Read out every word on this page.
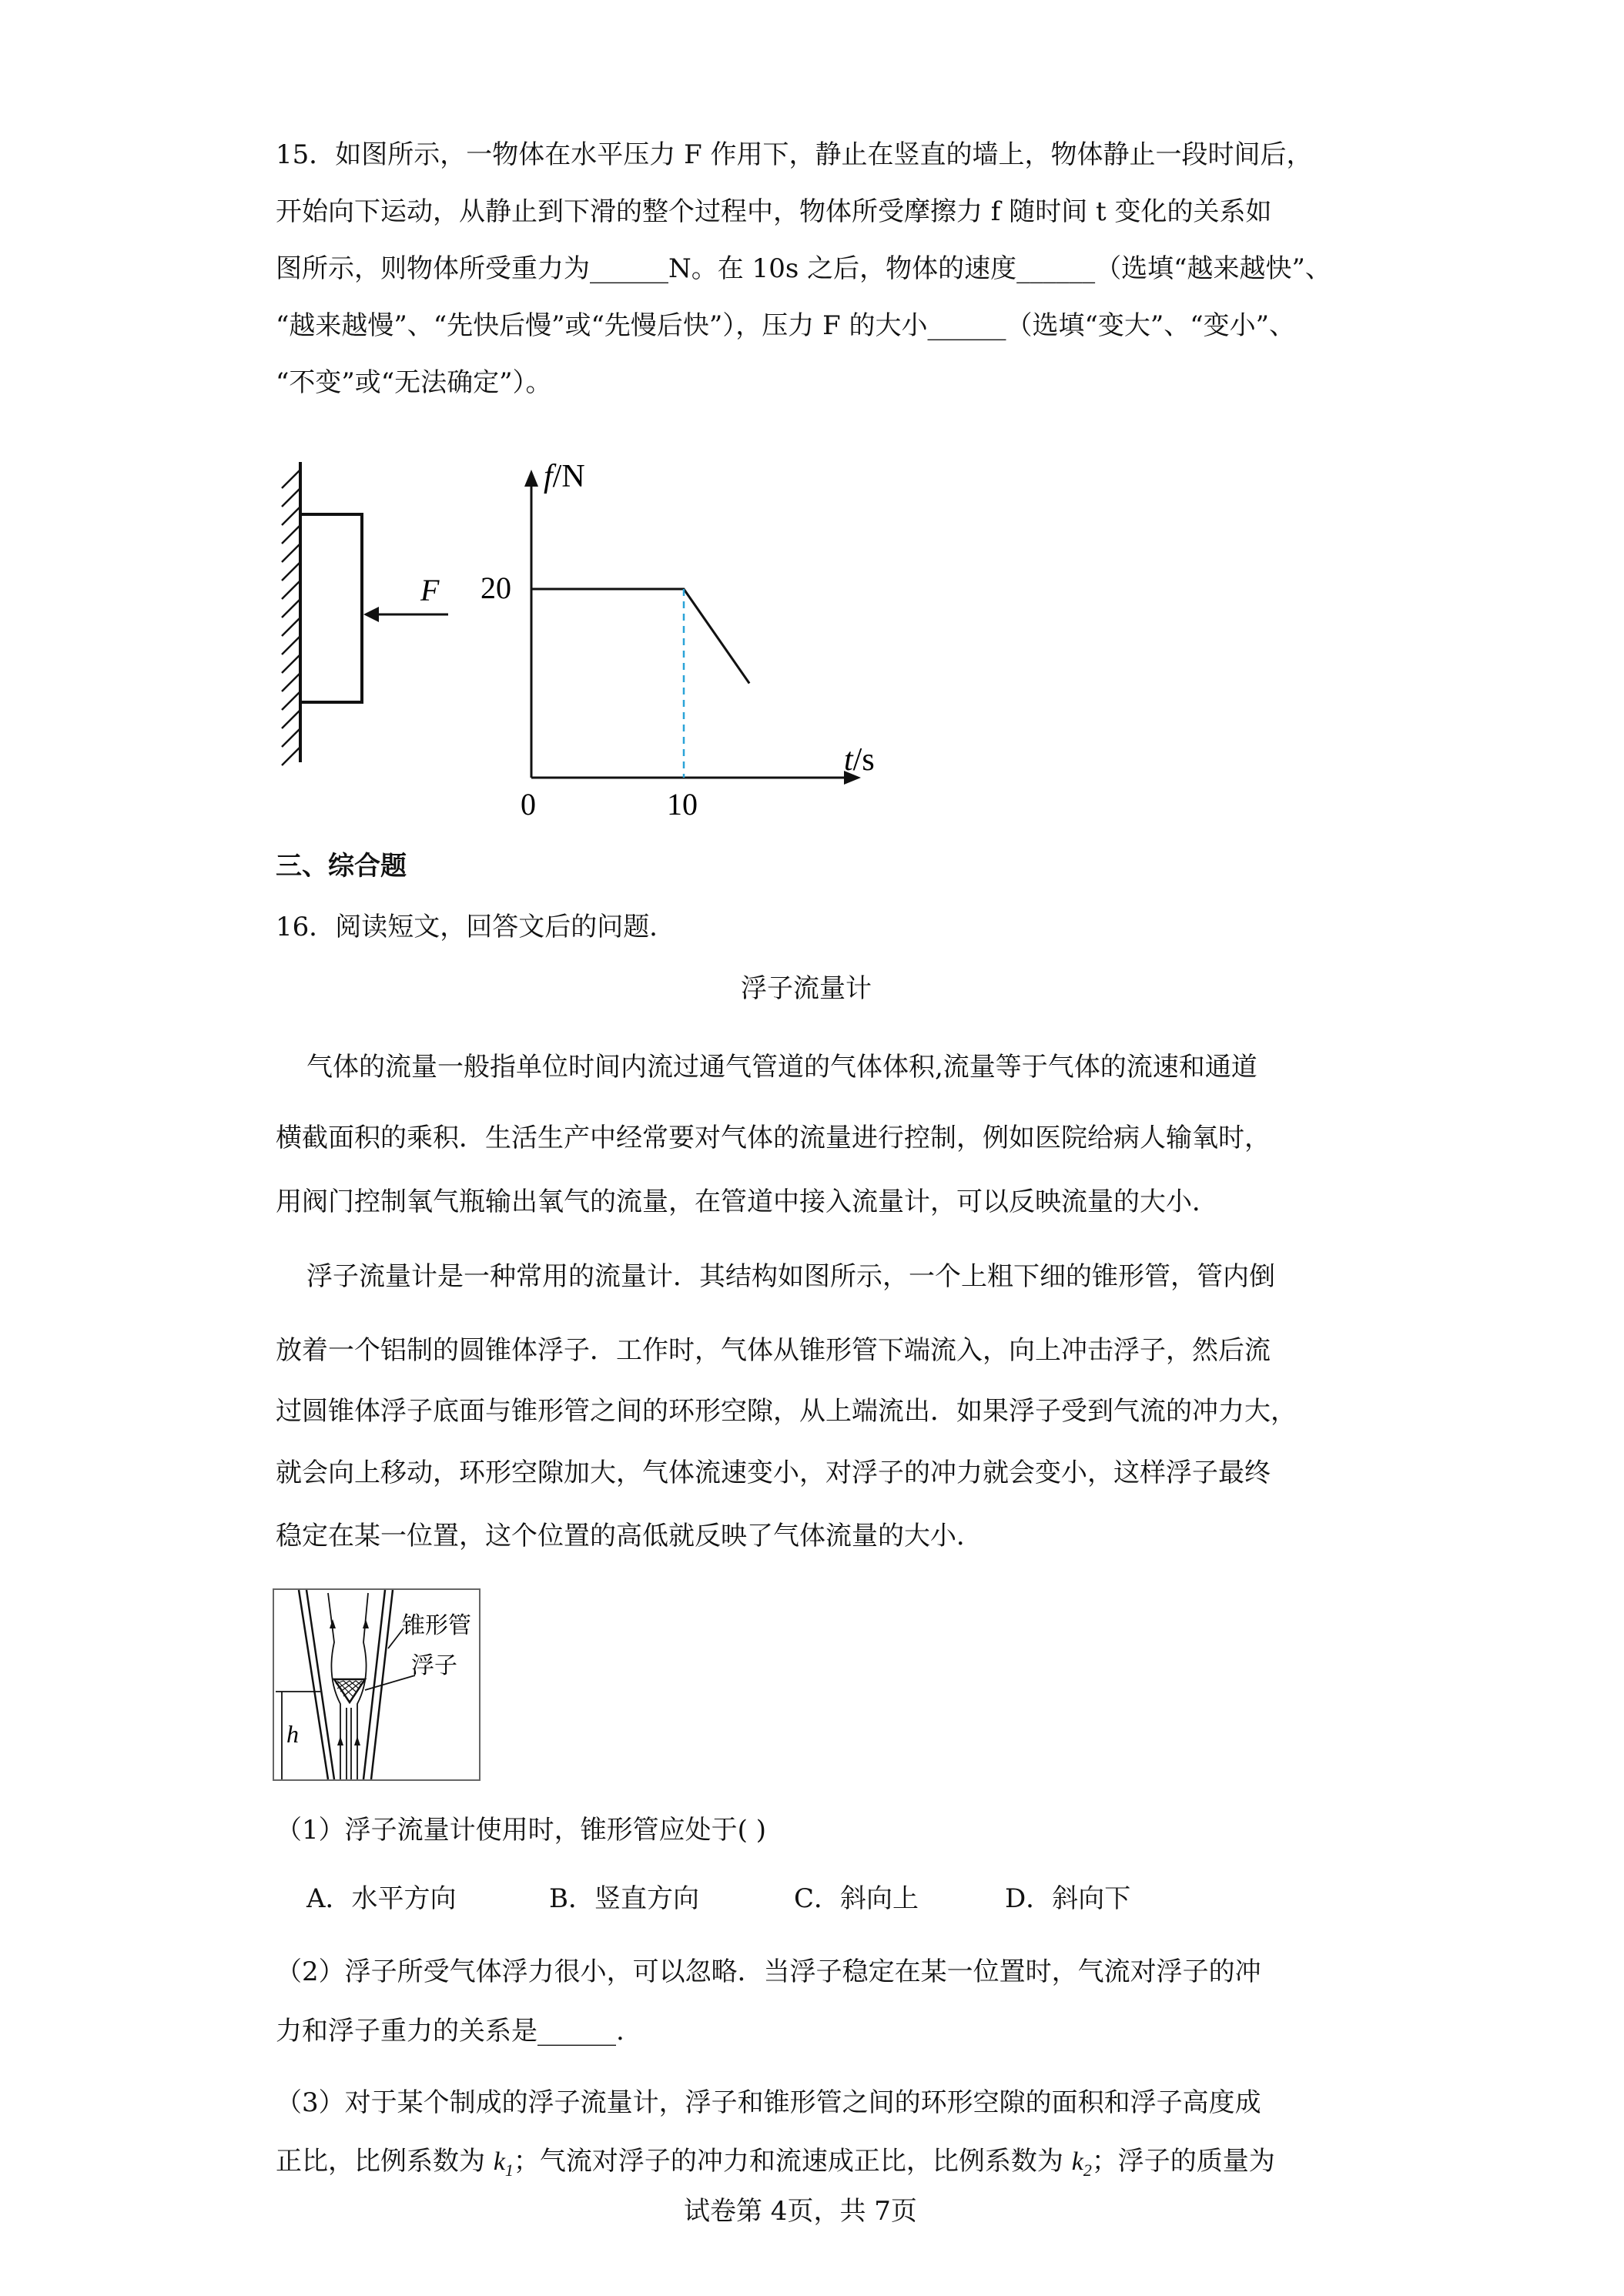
15．如图所示，一物体在水平压力 F 作用下，静止在竖直的墙上，物体静止一段时间后，
开始向下运动，从静止到下滑的整个过程中，物体所受摩擦力 f 随时间 t 变化的关系如
图所示，则物体所受重力为______N。在 10s 之后，物体的速度______（选填“越来越快”、
“越来越慢”、“先快后慢”或“先慢后快”），压力 F 的大小______（选填“变大”、“变小”、
“不变”或“无法确定”）。
F
f/N
t/s
0
20
10
三、综合题
16．阅读短文，回答文后的问题．
浮子流量计
气体的流量一般指单位时间内流过通气管道的气体体积,流量等于气体的流速和通道
横截面积的乘积．生活生产中经常要对气体的流量进行控制，例如医院给病人输氧时，
用阀门控制氧气瓶输出氧气的流量，在管道中接入流量计，可以反映流量的大小．
浮子流量计是一种常用的流量计．其结构如图所示，一个上粗下细的锥形管，管内倒
放着一个铝制的圆锥体浮子．工作时，气体从锥形管下端流入，向上冲击浮子，然后流
过圆锥体浮子底面与锥形管之间的环形空隙，从上端流出．如果浮子受到气流的冲力大，
就会向上移动，环形空隙加大，气体流速变小，对浮子的冲力就会变小，这样浮子最终
稳定在某一位置，这个位置的高低就反映了气体流量的大小．
锥形管
浮子
h
（1）浮子流量计使用时，锥形管应处于( )
A．水平方向	B．竖直方向	C．斜向上	D．斜向下
（2）浮子所受气体浮力很小，可以忽略．当浮子稳定在某一位置时，气流对浮子的冲
力和浮子重力的关系是______.
（3）对于某个制成的浮子流量计，浮子和锥形管之间的环形空隙的面积和浮子高度成
正比，比例系数为 $k_1$；气流对浮子的冲力和流速成正比，比例系数为 $k_2$；浮子的质量为
试卷第 4页，共 7页
